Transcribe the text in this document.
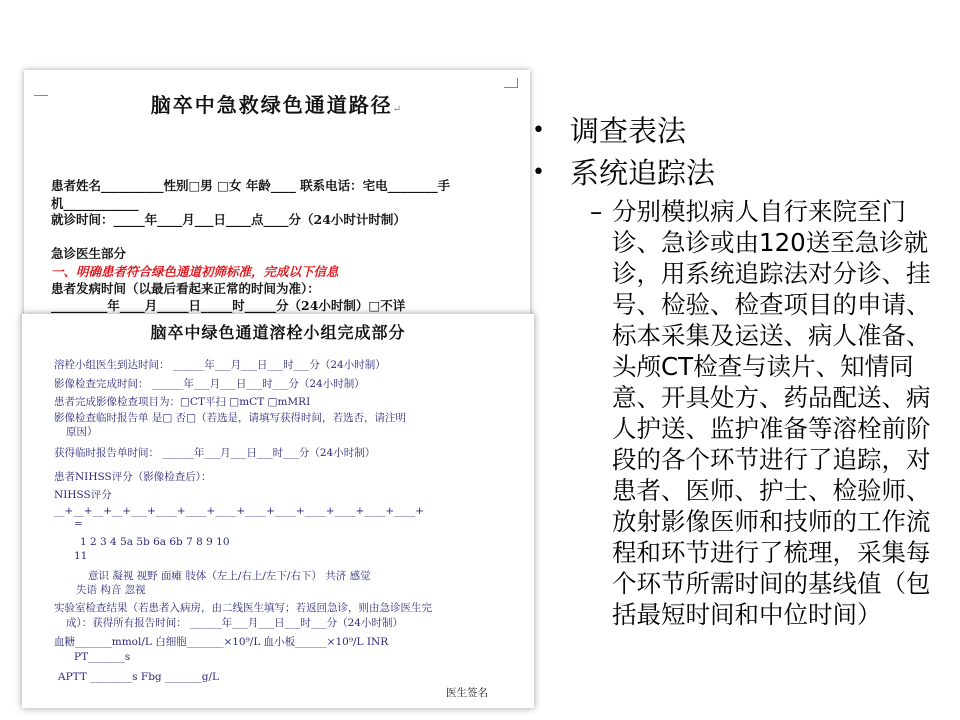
脑卒中急救绿色通道路径↵
患者姓名__________性别□男 □女 年龄____ 联系电话：宅电________手
机____________
就诊时间：_____年____月___日____点____分（24小时计时制）
急诊医生部分
一、明确患者符合绿色通道初筛标准，完成以下信息
患者发病时间（以最后看起来正常的时间为准）：
_________年____月_____日_____时_____分（24小时制）□不详
脑卒中绿色通道溶栓小组完成部分
溶栓小组医生到达时间： ______年___月___日___时___分（24小时制）
影像检查完成时间： ______年___月___日___时___分（24小时制）
患者完成影像检查项目为：□CT平扫 □mCT □mMRI
影像检查临时报告单 是□ 否□（若选是，请填写获得时间，若选否，请注明
原因）
获得临时报告单时间： ______年___月___日___时___分（24小时制）
患者NIHSS评分（影像检查后）：
NIHSS评分
__+__+__+__+___+____+____+____+____+____+____+____+____+____+
=
1 2 3 4 5a 5b 6a 6b 7 8 9 10
11
意识 凝视 视野 面瘫 肢体（左上/右上/左下/右下） 共济 感觉
失语 构音 忽视
实验室检查结果（若患者入病房，由二线医生填写；若返回急诊，则由急诊医生完
成）：获得所有报告时间： ______年___月___日___时___分（24小时制）
血糖_______mmol/L 白细胞_______×10⁹/L 血小板______×10⁹/L INR
PT_______s
APTT ________s Fbg _______g/L
医生签名
• 调查表法
• 系统追踪法
– 分别模拟病人自行来院至门诊、急诊或由120送至急诊就诊，用系统追踪法对分诊、挂号、检验、检查项目的申请、标本采集及运送、病人准备、头颅CT检查与读片、知情同意、开具处方、药品配送、病人护送、监护准备等溶栓前阶段的各个环节进行了追踪，对患者、医师、护士、检验师、放射影像医师和技师的工作流程和环节进行了梳理，采集每个环节所需时间的基线值（包括最短时间和中位时间）
